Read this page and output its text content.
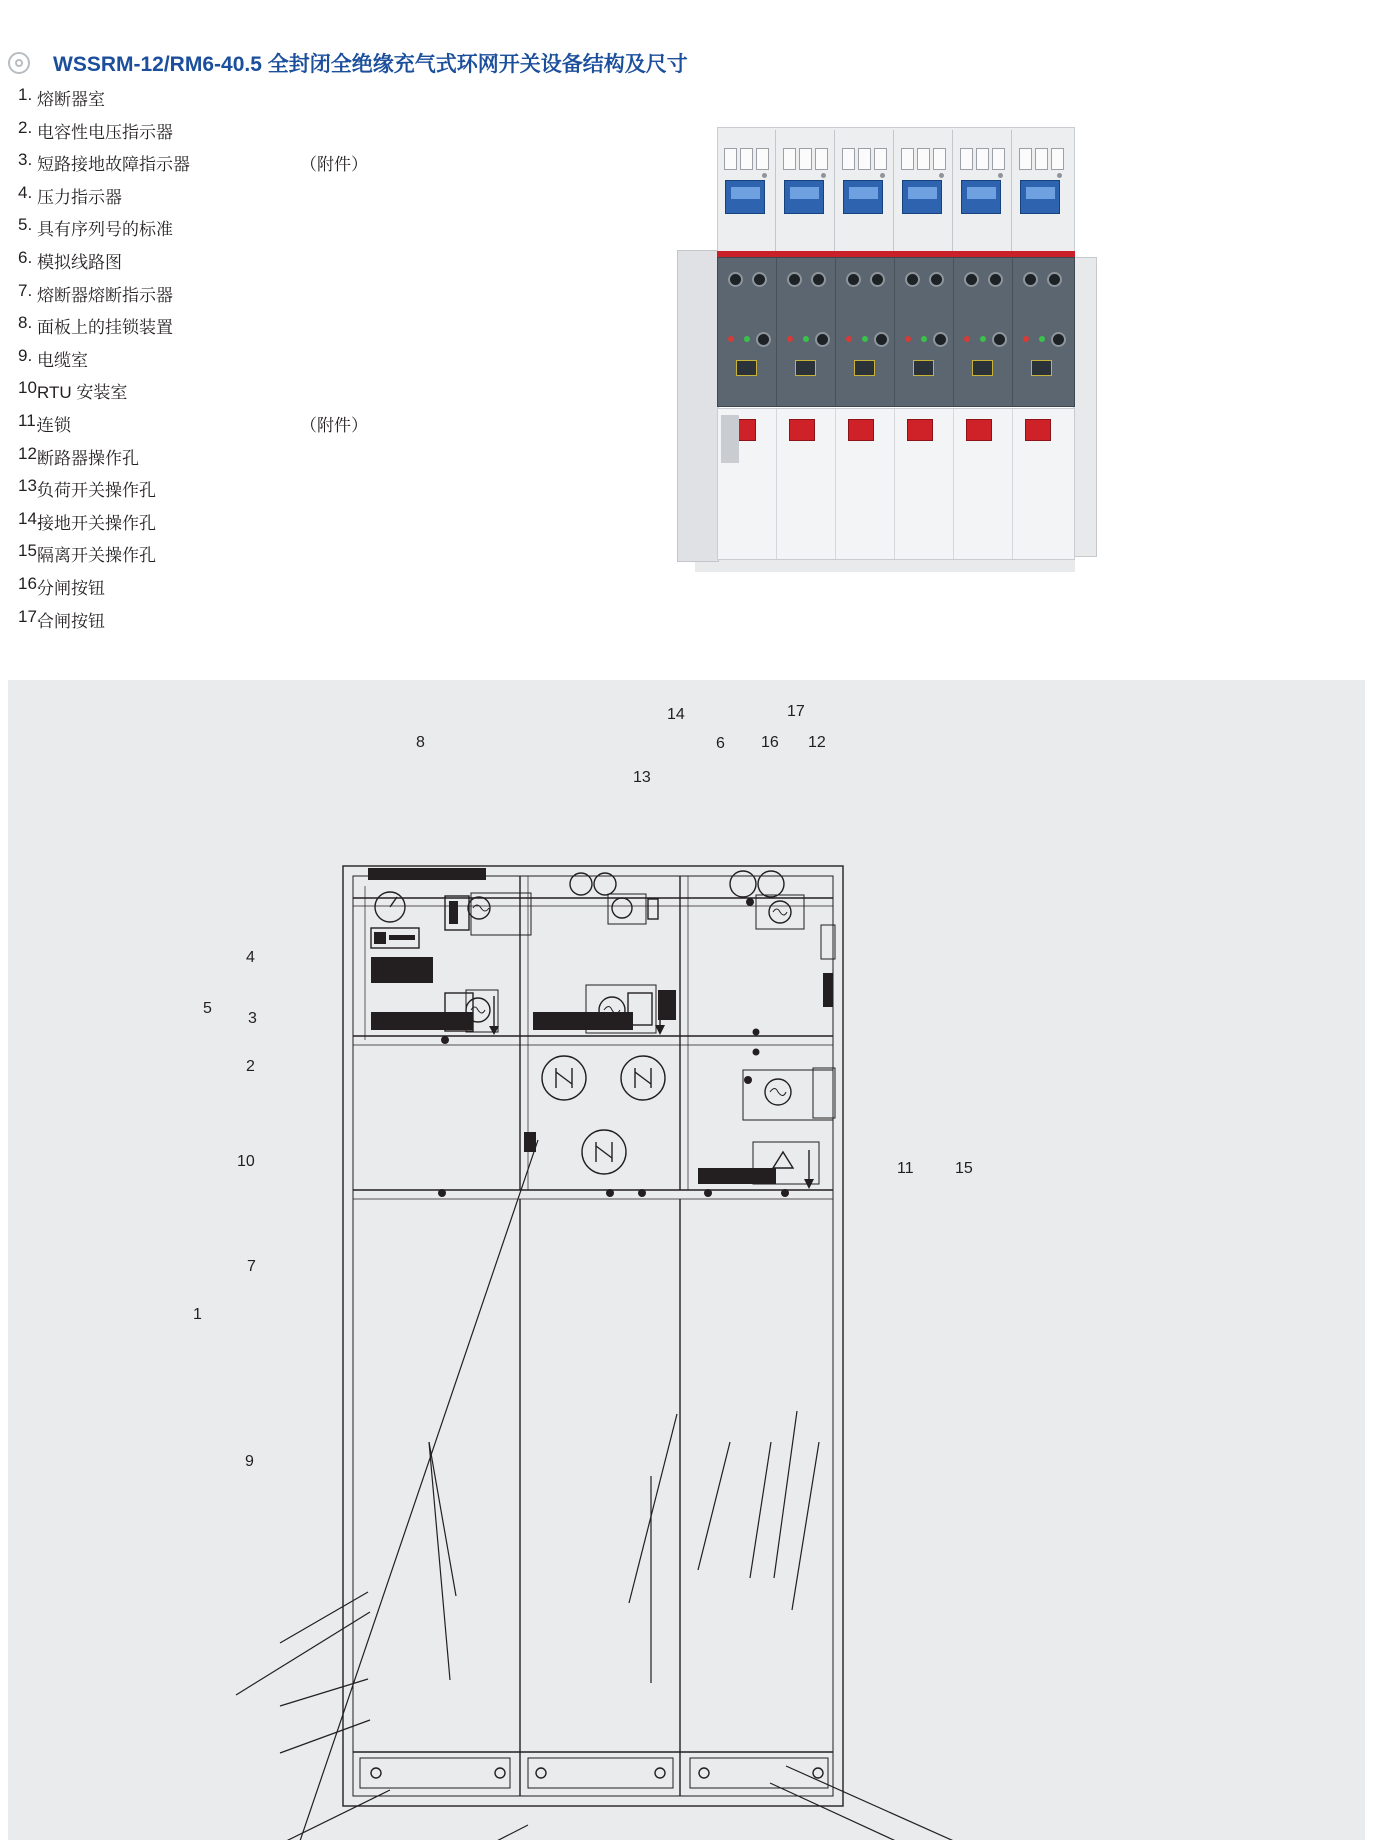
WSSRM-12/RM6-40.5 全封闭全绝缘充气式环网开关设备结构及尺寸
1. 熔断器室
2. 电容性电压指示器
3. 短路接地故障指示器	（附件）
4. 压力指示器
5. 具有序列号的标准
6. 模拟线路图
7. 熔断器熔断指示器
8. 面板上的挂锁装置
9. 电缆室
10.
RTU 安装室
11.
连锁	（附件）
12.
断路器操作孔
13.
负荷开关操作孔
14.
接地开关操作孔
15.
隔离开关操作孔
16.
分闸按钮
17.
合闸按钮
1
2
3
4
5
6
7
8
9
10	11
12
13
14
15
16
17
